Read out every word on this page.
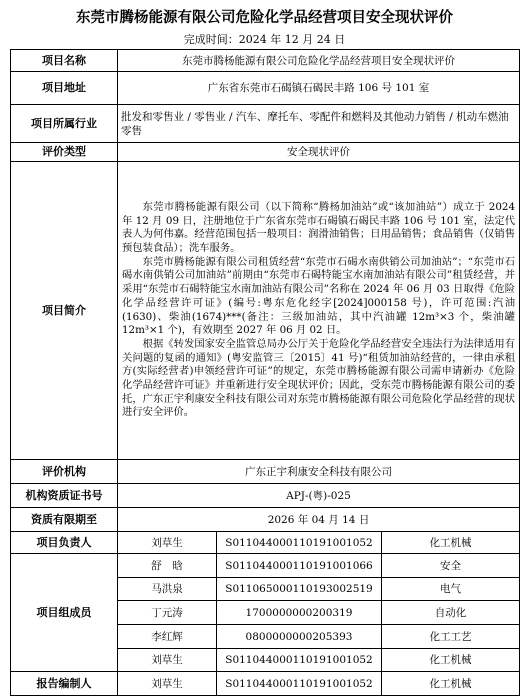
东莞市腾杨能源有限公司危险化学品经营项目安全现状评价
完成时间：2024 年 12 月 24 日
项目名称	东莞市腾杨能源有限公司危险化学品经营项目安全现状评价		
项目地址	广东省东莞市石碣镇石碣民丰路 106 号 101 室		
项目所属行业	批发和零售业 / 零售业 / 汽车、摩托车、零配件和燃料及其他动力销售 / 机动车燃油零售		
评价类型	安全现状评价		
项目简介	东莞市腾杨能源有限公司（以下简称“腾杨加油站”或“该加油站”）成立于 2024 年 12 月 09 日，注册地位于广东省东莞市石碣镇石碣民丰路 106 号 101 室，法定代表人为何伟嘉。经营范围包括一般项目：润滑油销售；日用品销售；食品销售（仅销售预包装食品）；洗车服务。
东莞市腾杨能源有限公司租赁经营“东莞市石碣水南供销公司加油站”；“东莞市石碣水南供销公司加油站”前期由“东莞市石碣特能宝水南加油站有限公司”租赁经营，并采用“东莞市石碣特能宝水南加油站有限公司”名称在 2024 年 06 月 03 日取得《危险化学品经营许可证》(编号:粤东危化经字[2024]000158 号)，许可范围:汽油(1630)、柴油(1674)***(备注：三级加油站，其中汽油罐 12m³×3 个，柴油罐 12m³×1 个)，有效期至 2027 年 06 月 02 日。
根据《转发国家安全监管总局办公厅关于危险化学品经营安全违法行为法律适用有关问题的复函的通知》(粤安监管三〔2015〕41 号)“租赁加油站经营的，一律由承租方(实际经营者)申领经营许可证”的规定，东莞市腾杨能源有限公司需申请新办《危险化学品经营许可证》并重新进行安全现状评价；因此，受东莞市腾杨能源有限公司的委托，广东正宇利康安全科技有限公司对东莞市腾杨能源有限公司危险化学品经营的现状进行安全评价。		

评价机构	广东正宇利康安全科技有限公司		
机构资质证书号	APJ-(粤)-025		
资质有限期至	2026 年 04 月 14 日		
项目负责人	刘草生	S011044000110191001052	化工机械
项目组成员	舒　晗	S011044000110191001066	安全
	马洪泉	S011065000110193002519	电气
	丁元涛	1700000000200319	自动化
	李红辉	0800000000205393	化工工艺
	刘草生	S011044000110191001052	化工机械
报告编制人	刘草生	S011044000110191001052	化工机械
